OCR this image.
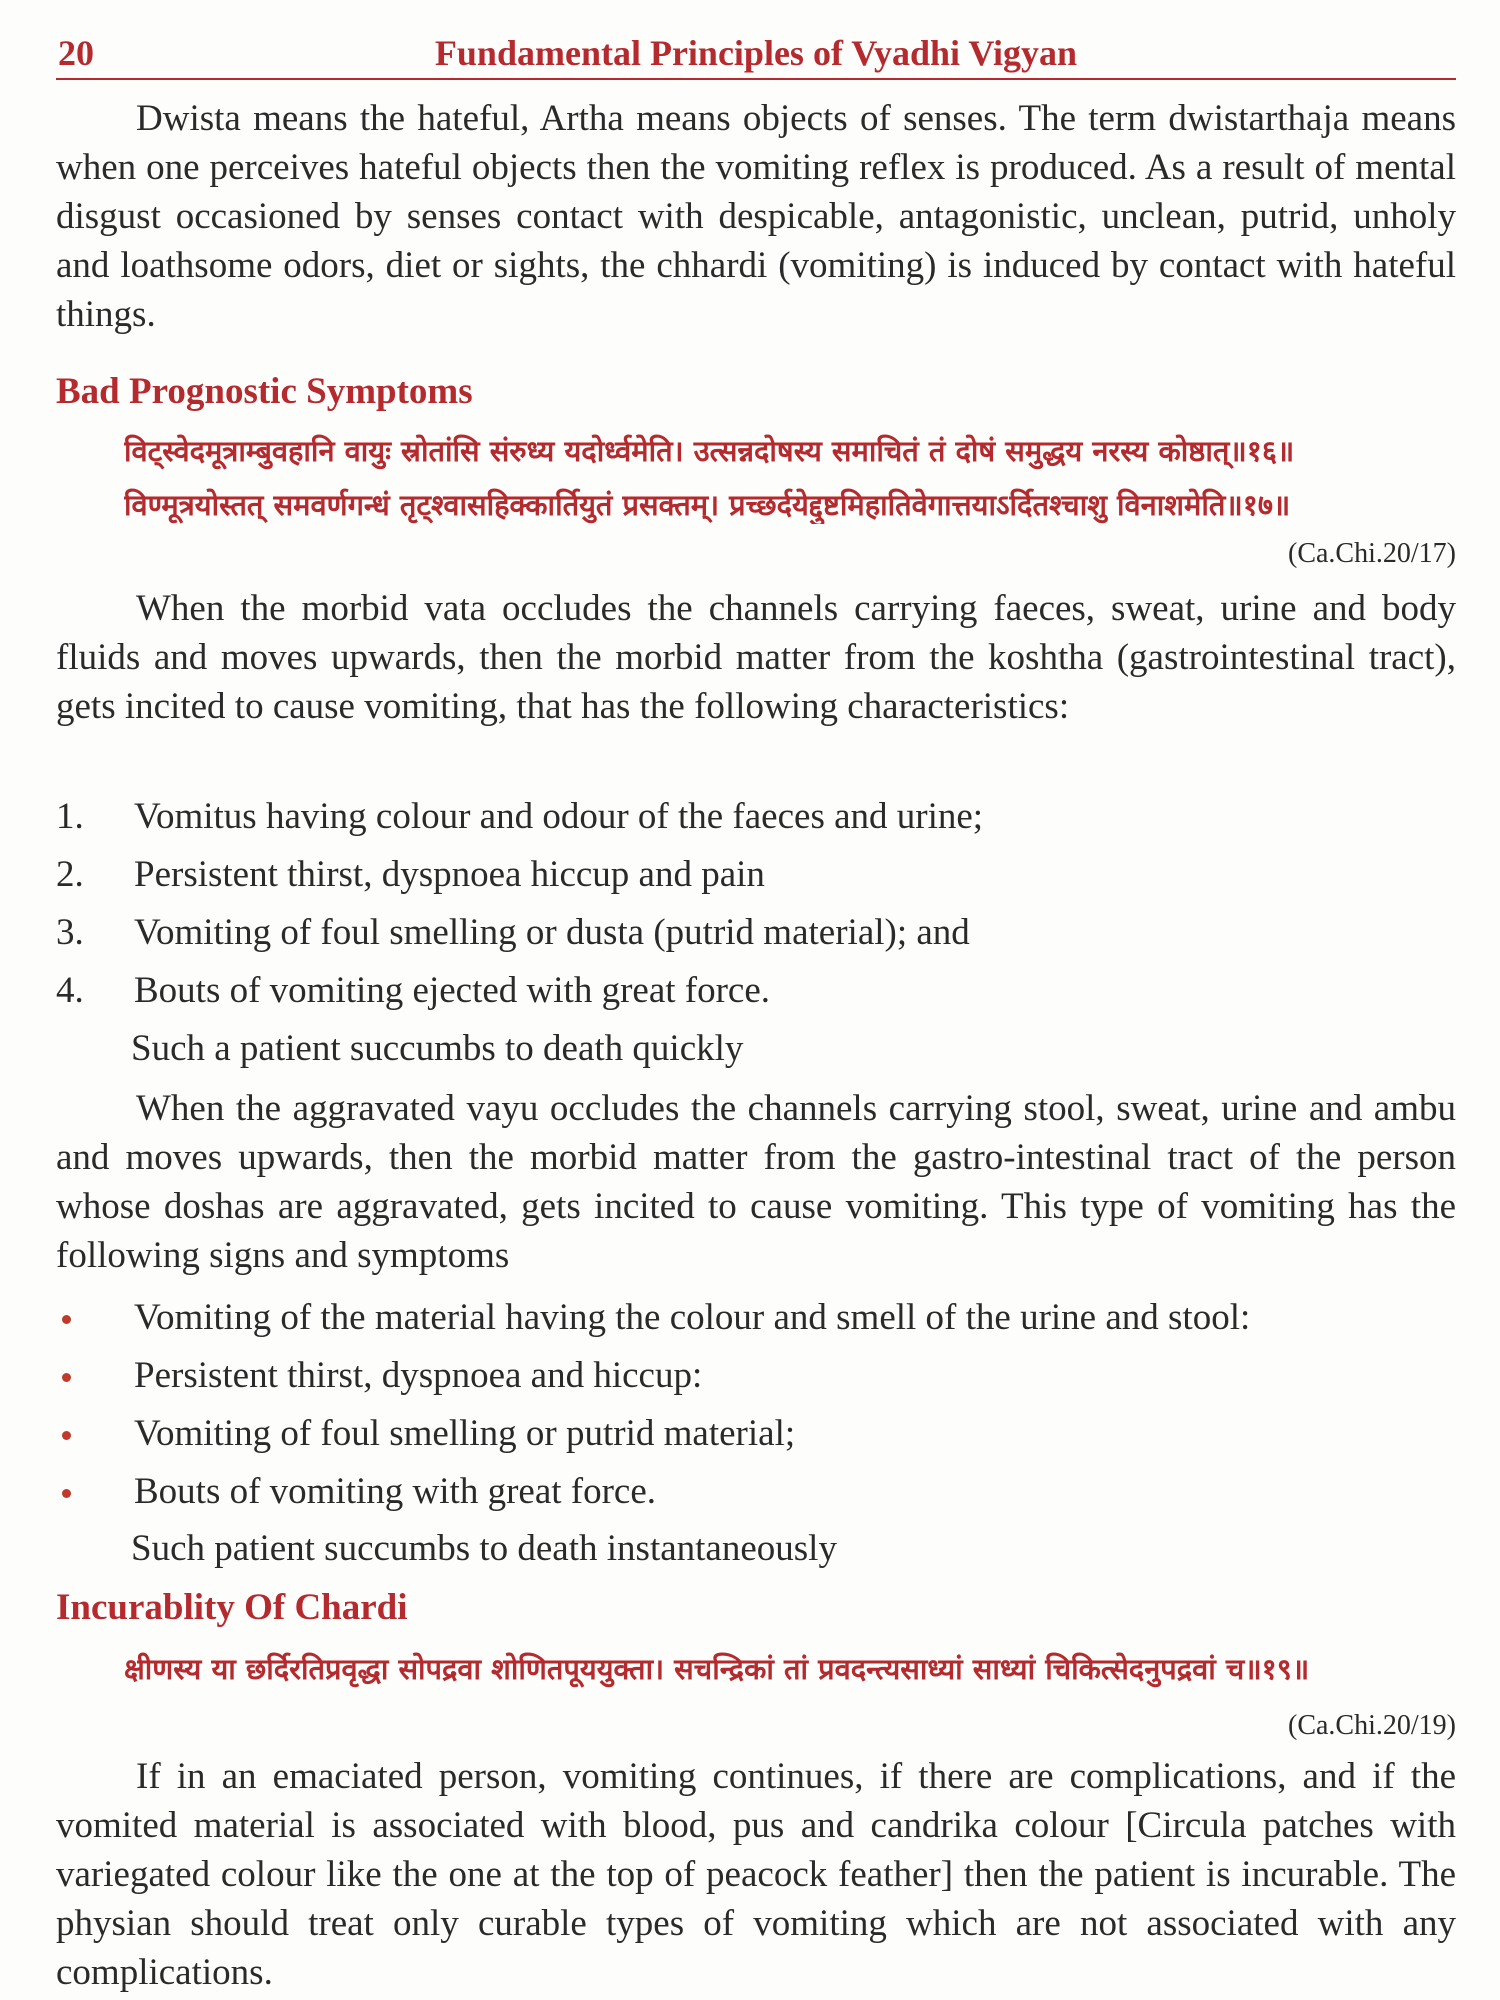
20	Fundamental Principles of Vyadhi Vigyan

Dwista means the hateful, Artha means objects of senses. The term dwistarthaja means when one perceives hateful objects then the vomiting reflex is produced. As a result of mental disgust occasioned by senses contact with despicable, antagonistic, unclean, putrid, unholy and loathsome odors, diet or sights, the chhardi (vomiting) is induced by contact with hateful things.

Bad Prognostic Symptoms
विट्स्वेदमूत्राम्बुवहानि वायुः स्रोतांसि संरुध्य यदोर्ध्वमेति। उत्सन्नदोषस्य समाचितं तं दोषं समुद्धय नरस्य कोष्ठात्॥१६॥
विण्मूत्रयोस्तत् समवर्णगन्धं तृट्श्वासहिक्कार्तियुतं प्रसक्तम्। प्रच्छर्दयेद्दुष्टमिहातिवेगात्तयाऽर्दितश्चाशु विनाशमेति॥१७॥
(Ca.Chi.20/17)

When the morbid vata occludes the channels carrying faeces, sweat, urine and body fluids and moves upwards, then the morbid matter from the koshtha (gastrointestinal tract), gets incited to cause vomiting, that has the following characteristics:

1. Vomitus having colour and odour of the faeces and urine;
2. Persistent thirst, dyspnoea hiccup and pain
3. Vomiting of foul smelling or dusta (putrid material); and
4. Bouts of vomiting ejected with great force.
Such a patient succumbs to death quickly

When the aggravated vayu occludes the channels carrying stool, sweat, urine and ambu and moves upwards, then the morbid matter from the gastro-intestinal tract of the person whose doshas are aggravated, gets incited to cause vomiting. This type of vomiting has the following signs and symptoms

Vomiting of the material having the colour and smell of the urine and stool:
Persistent thirst, dyspnoea and hiccup:
Vomiting of foul smelling or putrid material;
Bouts of vomiting with great force.
Such patient succumbs to death instantaneously
Incurablity Of Chardi
क्षीणस्य या छर्दिरतिप्रवृद्धा सोपद्रवा शोणितपूययुक्ता। सचन्द्रिकां तां प्रवदन्त्यसाध्यां साध्यां चिकित्सेदनुपद्रवां च॥१९॥
(Ca.Chi.20/19)

If in an emaciated person, vomiting continues, if there are complications, and if the vomited material is associated with blood, pus and candrika colour [Circula patches with variegated colour like the one at the top of peacock feather] then the patient is incurable. The physian should treat only curable types of vomiting which are not associated with any complications.
